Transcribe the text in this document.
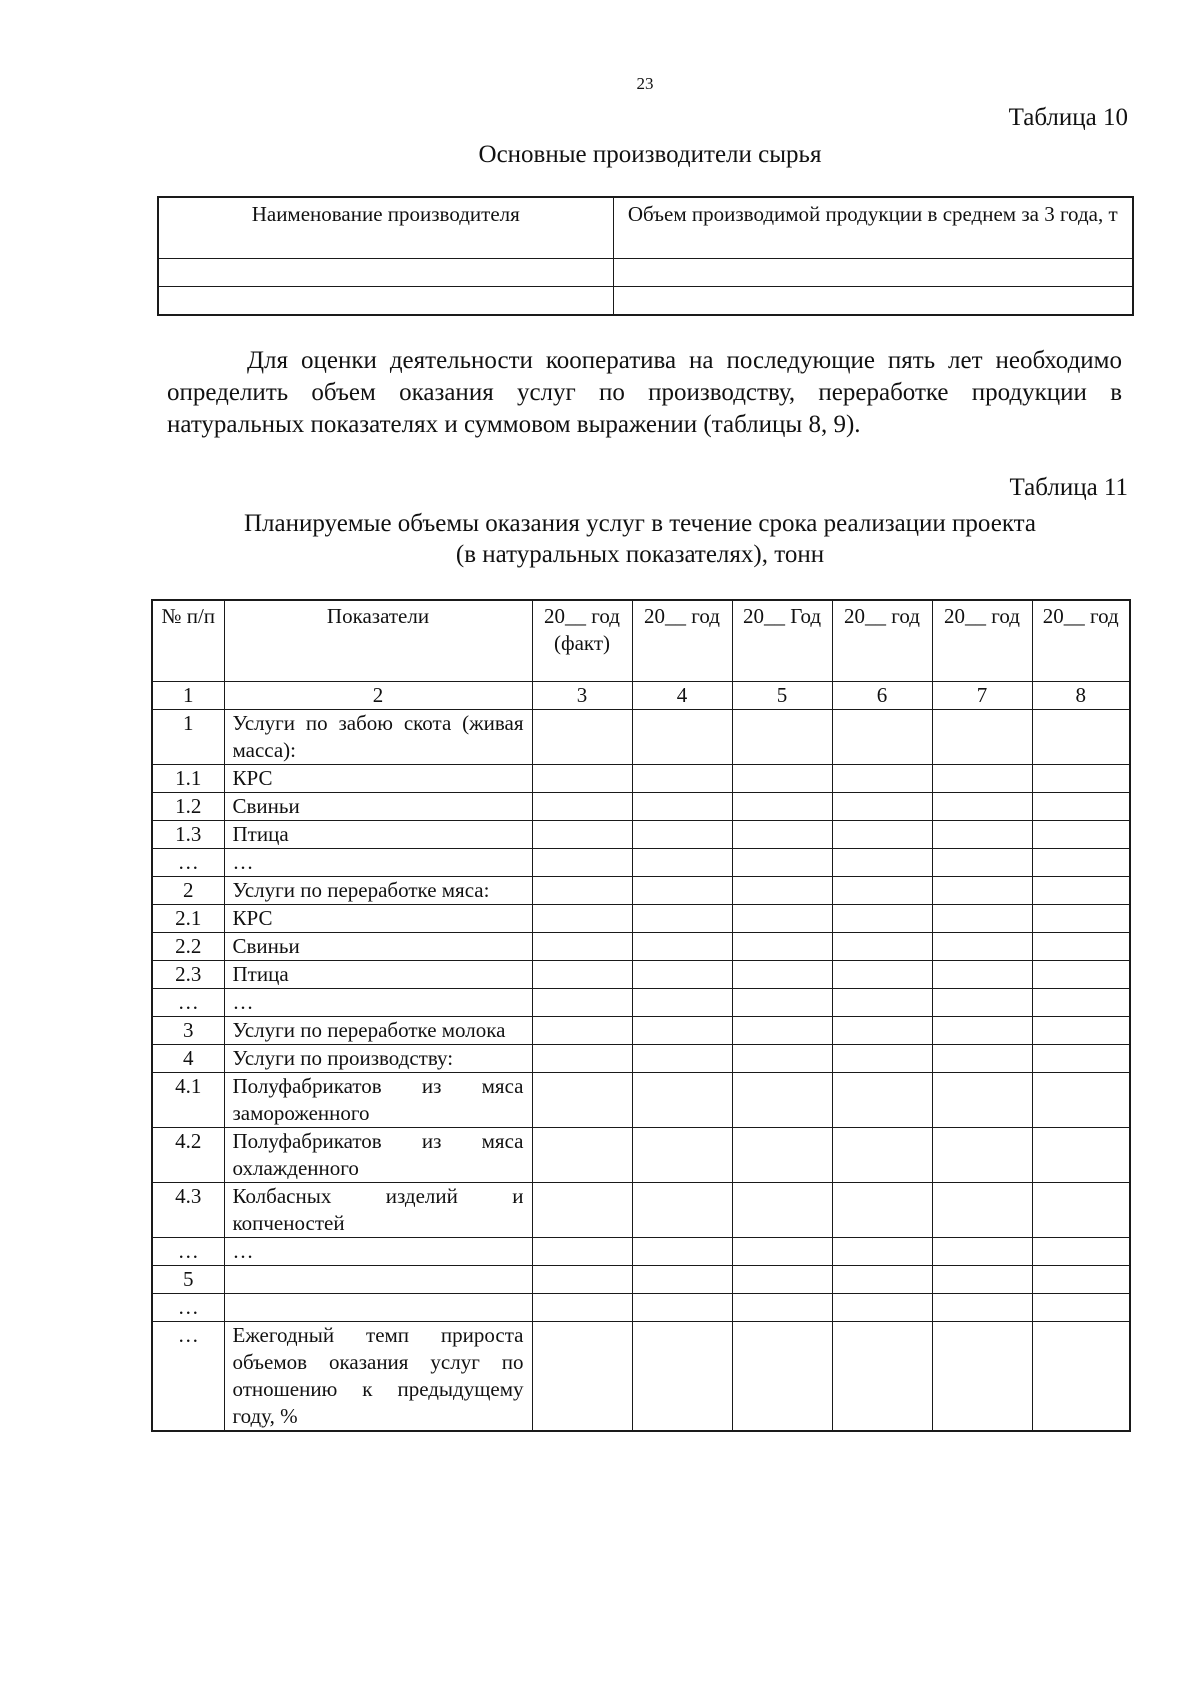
23
Таблица 10
Основные производители сырья
Наименование производителя	Объем производимой продукции в среднем за 3 года, т

Для оценки деятельности кооператива на последующие пять лет необходимо определить объем оказания услуг по производству, переработке продукции в натуральных показателях и суммовом выражении (таблицы 8, 9).
Таблица 11
Планируемые объемы оказания услуг в течение срока реализации проекта
(в натуральных показателях), тонн
№ п/п	Показатели	20__ год (факт)	20__ год	20__ Год	20__ год	20__ год	20__ год
1	2	3	4	5	6	7	8
1	Услуги по забою скота (живая масса):						
1.1	КРС						
1.2	Свиньи						
1.3	Птица						
…	…						
2	Услуги по переработке мяса:						
2.1	КРС						
2.2	Свиньи						
2.3	Птица						
…	…						
3	Услуги по переработке молока						
4	Услуги по производству:						
4.1	Полуфабрикатов из мяса замороженного						
4.2	Полуфабрикатов из мяса охлажденного						
4.3	Колбасных изделий и копченостей						
…	…						
5							
…							
…	Ежегодный темп прироста объемов оказания услуг по отношению к предыдущему году, %						
